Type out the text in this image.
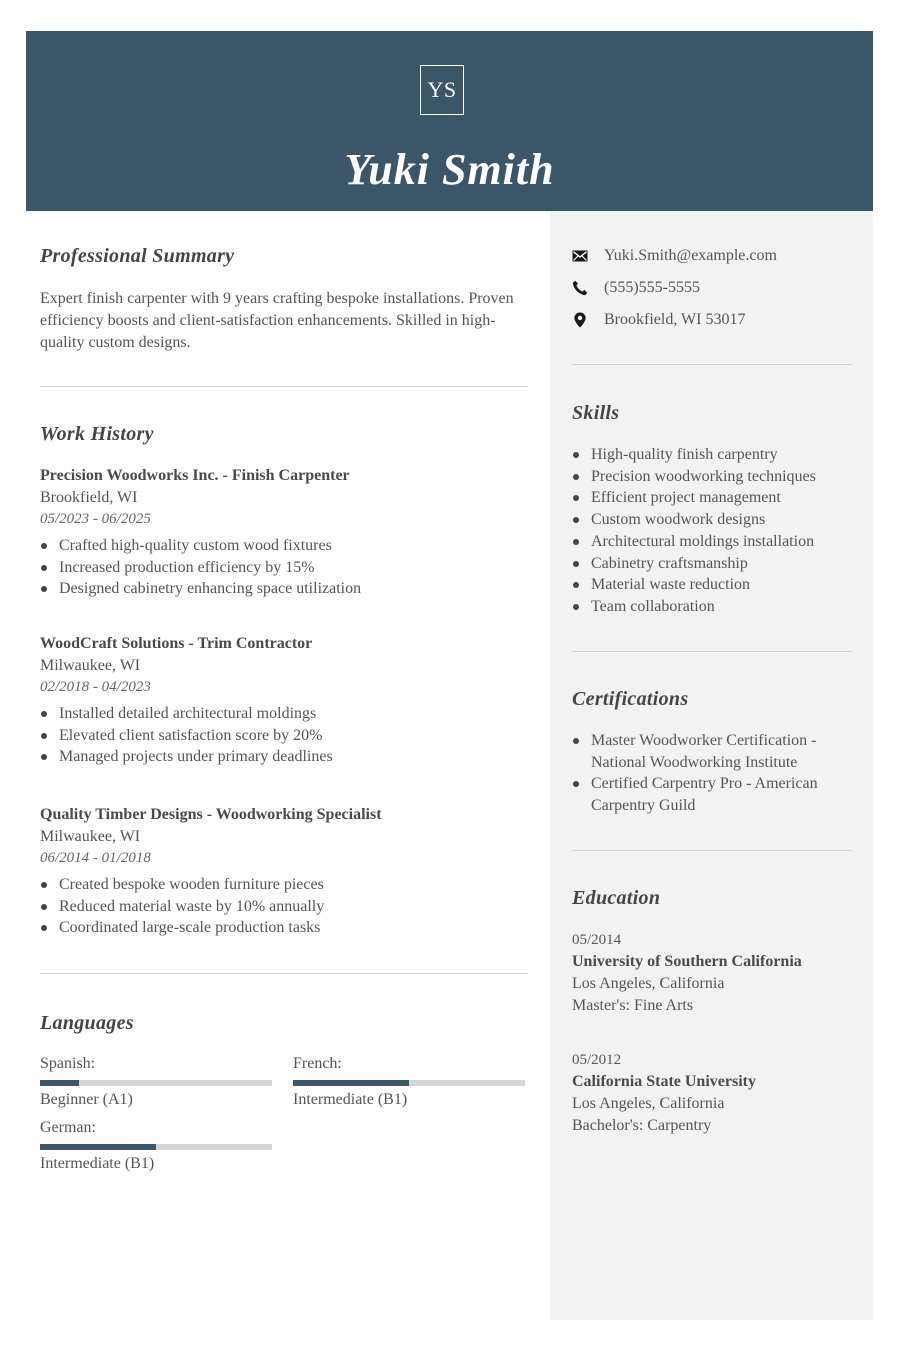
YS
Yuki Smith
Professional Summary
Expert finish carpenter with 9 years crafting bespoke installations. Proven efficiency boosts and client-satisfaction enhancements. Skilled in high-quality custom designs.
Work History
Precision Woodworks Inc. - Finish Carpenter
Brookfield, WI
05/2023 - 06/2025
Crafted high-quality custom wood fixtures
Increased production efficiency by 15%
Designed cabinetry enhancing space utilization
WoodCraft Solutions - Trim Contractor
Milwaukee, WI
02/2018 - 04/2023
Installed detailed architectural moldings
Elevated client satisfaction score by 20%
Managed projects under primary deadlines
Quality Timber Designs - Woodworking Specialist
Milwaukee, WI
06/2014 - 01/2018
Created bespoke wooden furniture pieces
Reduced material waste by 10% annually
Coordinated large-scale production tasks
Languages
Spanish:
Beginner (A1)
French:
Intermediate (B1)
German:
Intermediate (B1)
Yuki.Smith@example.com
(555)555-5555
Brookfield, WI 53017
Skills
High-quality finish carpentry
Precision woodworking techniques
Efficient project management
Custom woodwork designs
Architectural moldings installation
Cabinetry craftsmanship
Material waste reduction
Team collaboration
Certifications
Master Woodworker Certification - National Woodworking Institute
Certified Carpentry Pro - American Carpentry Guild
Education
05/2014
University of Southern California
Los Angeles, California
Master's: Fine Arts
05/2012
California State University
Los Angeles, California
Bachelor's: Carpentry
